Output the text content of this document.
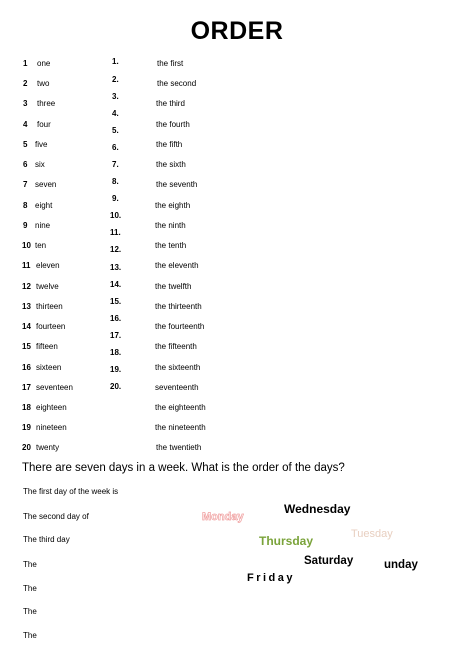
ORDER
1 one
2 two
3 three
4 four
5 five
6 six
7 seven
8 eight
9 nine
10 ten
11 eleven
12 twelve
13 thirteen
14 fourteen
15 fifteen
16 sixteen
17 seventeen
18 eighteen
19 nineteen
20 twenty
1.
2.
3.
4.
5.
6.
7.
8.
9.
10.
11.
12.
13.
14.
15.
16.
17.
18.
19.
20.
the first
the second
the third
the fourth
the fifth
the sixth
the seventh
the eighth
the ninth
the tenth
the eleventh
the twelfth
the thirteenth
the fourteenth
the fifteenth
the sixteenth
seventeenth
the eighteenth
the nineteenth
the twentieth
There are seven days in a week. What is the order of the days?
The first day of the week is
The second day of
The third day
The
The
The
The
Monday
Wednesday
Tuesday
Thursday
Saturday	unday
Friday
